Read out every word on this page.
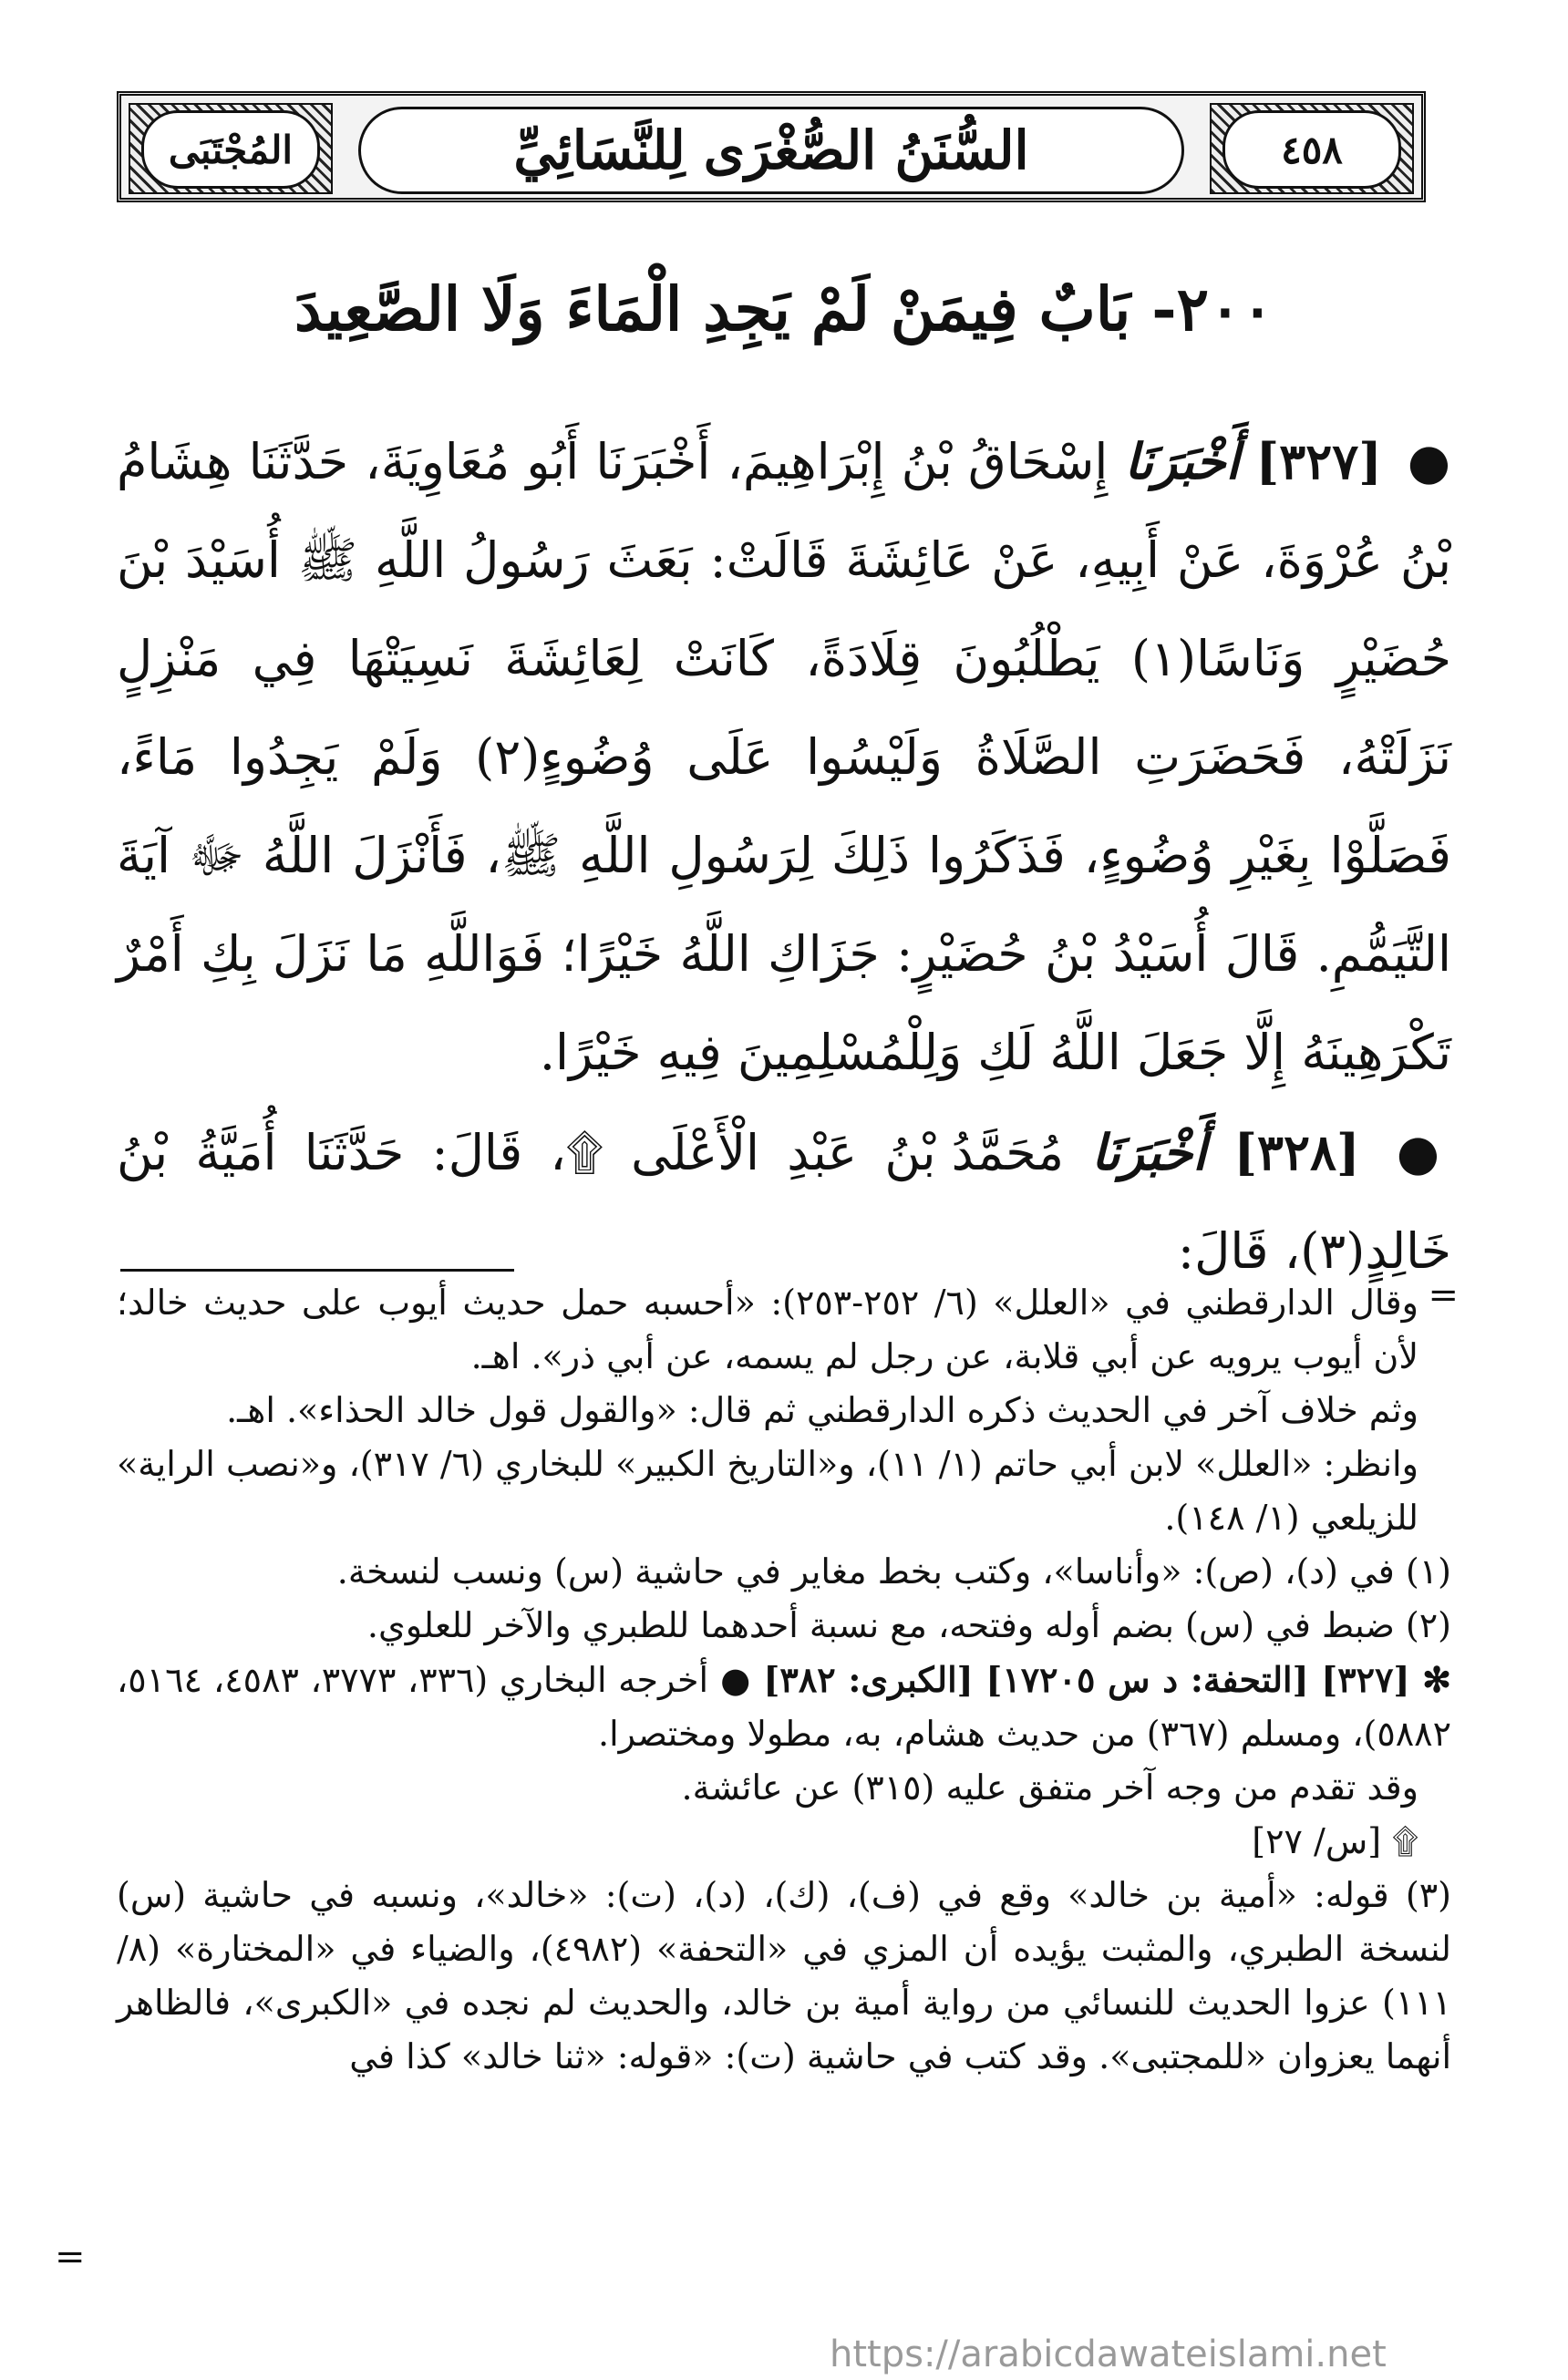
المُجْتَبَى	السُّنَنُ الصُّغْرَى لِلنَّسَائِيِّ	٤٥٨
٢٠٠- بَابٌ فِيمَنْ لَمْ يَجِدِ الْمَاءَ وَلَا الصَّعِيدَ
● [٣٢٧] أَخْبَرَنَا إِسْحَاقُ بْنُ إِبْرَاهِيمَ، أَخْبَرَنَا أَبُو مُعَاوِيَةَ، حَدَّثَنَا هِشَامُ بْنُ عُرْوَةَ، عَنْ أَبِيهِ، عَنْ عَائِشَةَ قَالَتْ: بَعَثَ رَسُولُ اللَّهِ ﷺ أُسَيْدَ بْنَ حُضَيْرٍ وَنَاسًا(١) يَطْلُبُونَ قِلَادَةً، كَانَتْ لِعَائِشَةَ نَسِيَتْهَا فِي مَنْزِلٍ نَزَلَتْهُ، فَحَضَرَتِ الصَّلَاةُ وَلَيْسُوا عَلَى وُضُوءٍ(٢) وَلَمْ يَجِدُوا مَاءً، فَصَلَّوْا بِغَيْرِ وُضُوءٍ، فَذَكَرُوا ذَلِكَ لِرَسُولِ اللَّهِ ﷺ، فَأَنْزَلَ اللَّهُ ﷻ آيَةَ التَّيَمُّمِ. قَالَ أُسَيْدُ بْنُ حُضَيْرٍ: جَزَاكِ اللَّهُ خَيْرًا؛ فَوَاللَّهِ مَا نَزَلَ بِكِ أَمْرٌ تَكْرَهِينَهُ إِلَّا جَعَلَ اللَّهُ لَكِ وَلِلْمُسْلِمِينَ فِيهِ خَيْرًا.
● [٣٢٨] أَخْبَرَنَا مُحَمَّدُ بْنُ عَبْدِ الْأَعْلَى ۩، قَالَ: حَدَّثَنَا أُمَيَّةُ بْنُ خَالِدٍ(٣)، قَالَ:
=

وقال الدارقطني في «العلل» (٦/ ٢٥٢-٢٥٣): «أحسبه حمل حديث أيوب على حديث خالد؛ لأن أيوب يرويه عن أبي قلابة، عن رجل لم يسمه، عن أبي ذر». اهـ.

وثم خلاف آخر في الحديث ذكره الدارقطني ثم قال: «والقول قول خالد الحذاء». اهـ.

وانظر: «العلل» لابن أبي حاتم (١/ ١١)، و«التاريخ الكبير» للبخاري (٦/ ٣١٧)، و«نصب الراية» للزيلعي (١/ ١٤٨).

(١) في (د)، (ص): «وأناسا»، وكتب بخط مغاير في حاشية (س) ونسب لنسخة.

(٢) ضبط في (س) بضم أوله وفتحه، مع نسبة أحدهما للطبري والآخر للعلوي.

✻ [٣٢٧] [التحفة: د س ١٧٢٠٥] [الكبرى: ٣٨٢] ● أخرجه البخاري (٣٣٦، ٣٧٧٣، ٤٥٨٣، ٥١٦٤، ٥٨٨٢)، ومسلم (٣٦٧) من حديث هشام، به، مطولا ومختصرا.

وقد تقدم من وجه آخر متفق عليه (٣١٥) عن عائشة.

۩ [س/ ٢٧]

(٣) قوله: «أمية بن خالد» وقع في (ف)، (ك)، (د)، (ت): «خالد»، ونسبه في حاشية (س) لنسخة الطبري، والمثبت يؤيده أن المزي في «التحفة» (٤٩٨٢)، والضياء في «المختارة» (٨/ ١١١) عزوا الحديث للنسائي من رواية أمية بن خالد، والحديث لم نجده في «الكبرى»، فالظاهر أنهما يعزوان «للمجتبى». وقد كتب في حاشية (ت): «قوله: «ثنا خالد» كذا في

=
https://arabicdawateislami.net
